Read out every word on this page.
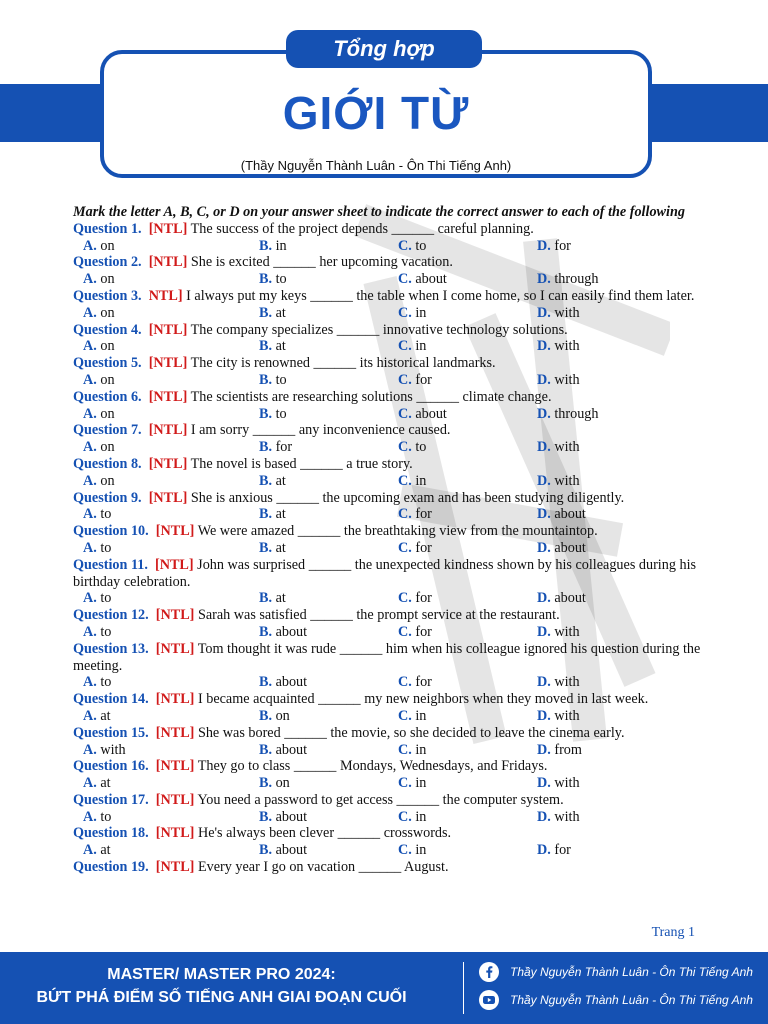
Tổng hợp
GIỚI TỪ
(Thầy Nguyễn Thành Luân - Ôn Thi Tiếng Anh)
Mark the letter A, B, C, or D on your answer sheet to indicate the correct answer to each of the following
Question 1. [NTL] The success of the project depends ______ careful planning.
A. on	B. in	C. to	D. for
Question 2. [NTL] She is excited ______ her upcoming vacation.
A. on	B. to	C. about	D. through
Question 3. NTL] I always put my keys ______ the table when I come home, so I can easily find them later.
A. on	B. at	C. in	D. with
Question 4. [NTL] The company specializes ______ innovative technology solutions.
A. on	B. at	C. in	D. with
Question 5. [NTL] The city is renowned ______ its historical landmarks.
A. on	B. to	C. for	D. with
Question 6. [NTL] The scientists are researching solutions ______ climate change.
A. on	B. to	C. about	D. through
Question 7. [NTL] I am sorry ______ any inconvenience caused.
A. on	B. for	C. to	D. with
Question 8. [NTL] The novel is based ______ a true story.
A. on	B. at	C. in	D. with
Question 9. [NTL] She is anxious ______ the upcoming exam and has been studying diligently.
A. to	B. at	C. for	D. about
Question 10. [NTL] We were amazed ______ the breathtaking view from the mountaintop.
A. to	B. at	C. for	D. about
Question 11. [NTL] John was surprised ______ the unexpected kindness shown by his colleagues during his birthday celebration.
A. to	B. at	C. for	D. about
Question 12. [NTL] Sarah was satisfied ______ the prompt service at the restaurant.
A. to	B. about	C. for	D. with
Question 13. [NTL] Tom thought it was rude ______ him when his colleague ignored his question during the meeting.
A. to	B. about	C. for	D. with
Question 14. [NTL] I became acquainted ______ my new neighbors when they moved in last week.
A. at	B. on	C. in	D. with
Question 15. [NTL] She was bored ______ the movie, so she decided to leave the cinema early.
A. with	B. about	C. in	D. from
Question 16. [NTL] They go to class ______ Mondays, Wednesdays, and Fridays.
A. at	B. on	C. in	D. with
Question 17. [NTL] You need a password to get access ______ the computer system.
A. to	B. about	C. in	D. with
Question 18. [NTL] He's always been clever ______ crosswords.
A. at	B. about	C. in	D. for
Question 19. [NTL] Every year I go on vacation ______ August.
Trang 1
MASTER/ MASTER PRO 2024:
BỨT PHÁ ĐIỂM SỐ TIẾNG ANH GIAI ĐOẠN CUỐI
Thầy Nguyễn Thành Luân - Ôn Thi Tiếng Anh
Thầy Nguyễn Thành Luân - Ôn Thi Tiếng Anh
